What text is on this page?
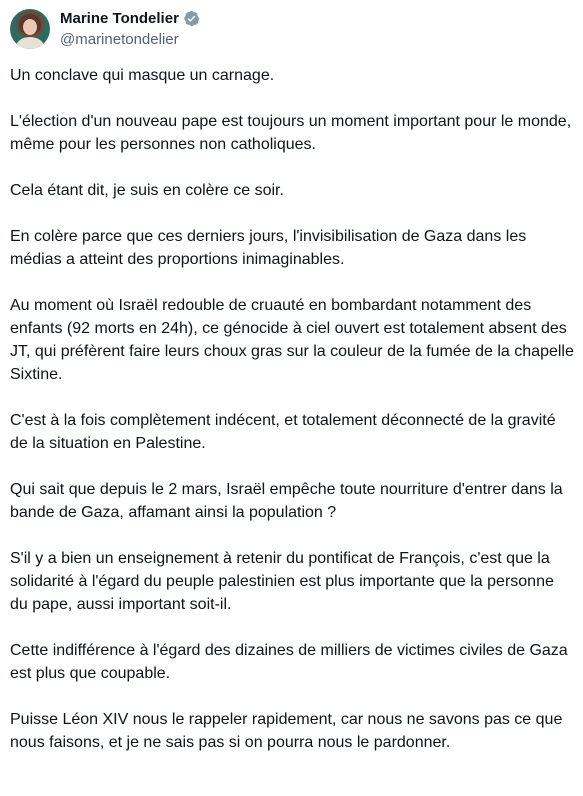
Marine Tondelier
@marinetondelier

Un conclave qui masque un carnage.

L'élection d'un nouveau pape est toujours un moment important pour le monde, même pour les personnes non catholiques.

Cela étant dit, je suis en colère ce soir.

En colère parce que ces derniers jours, l'invisibilisation de Gaza dans les médias a atteint des proportions inimaginables.

Au moment où Israël redouble de cruauté en bombardant notamment des enfants (92 morts en 24h), ce génocide à ciel ouvert est totalement absent des JT, qui préfèrent faire leurs choux gras sur la couleur de la fumée de la chapelle Sixtine.

C'est à la fois complètement indécent, et totalement déconnecté de la gravité de la situation en Palestine.

Qui sait que depuis le 2 mars, Israël empêche toute nourriture d'entrer dans la bande de Gaza, affamant ainsi la population ?

S'il y a bien un enseignement à retenir du pontificat de François, c'est que la solidarité à l'égard du peuple palestinien est plus importante que la personne du pape, aussi important soit-il.

Cette indifférence à l'égard des dizaines de milliers de victimes civiles de Gaza est plus que coupable.

Puisse Léon XIV nous le rappeler rapidement, car nous ne savons pas ce que nous faisons, et je ne sais pas si on pourra nous le pardonner.
